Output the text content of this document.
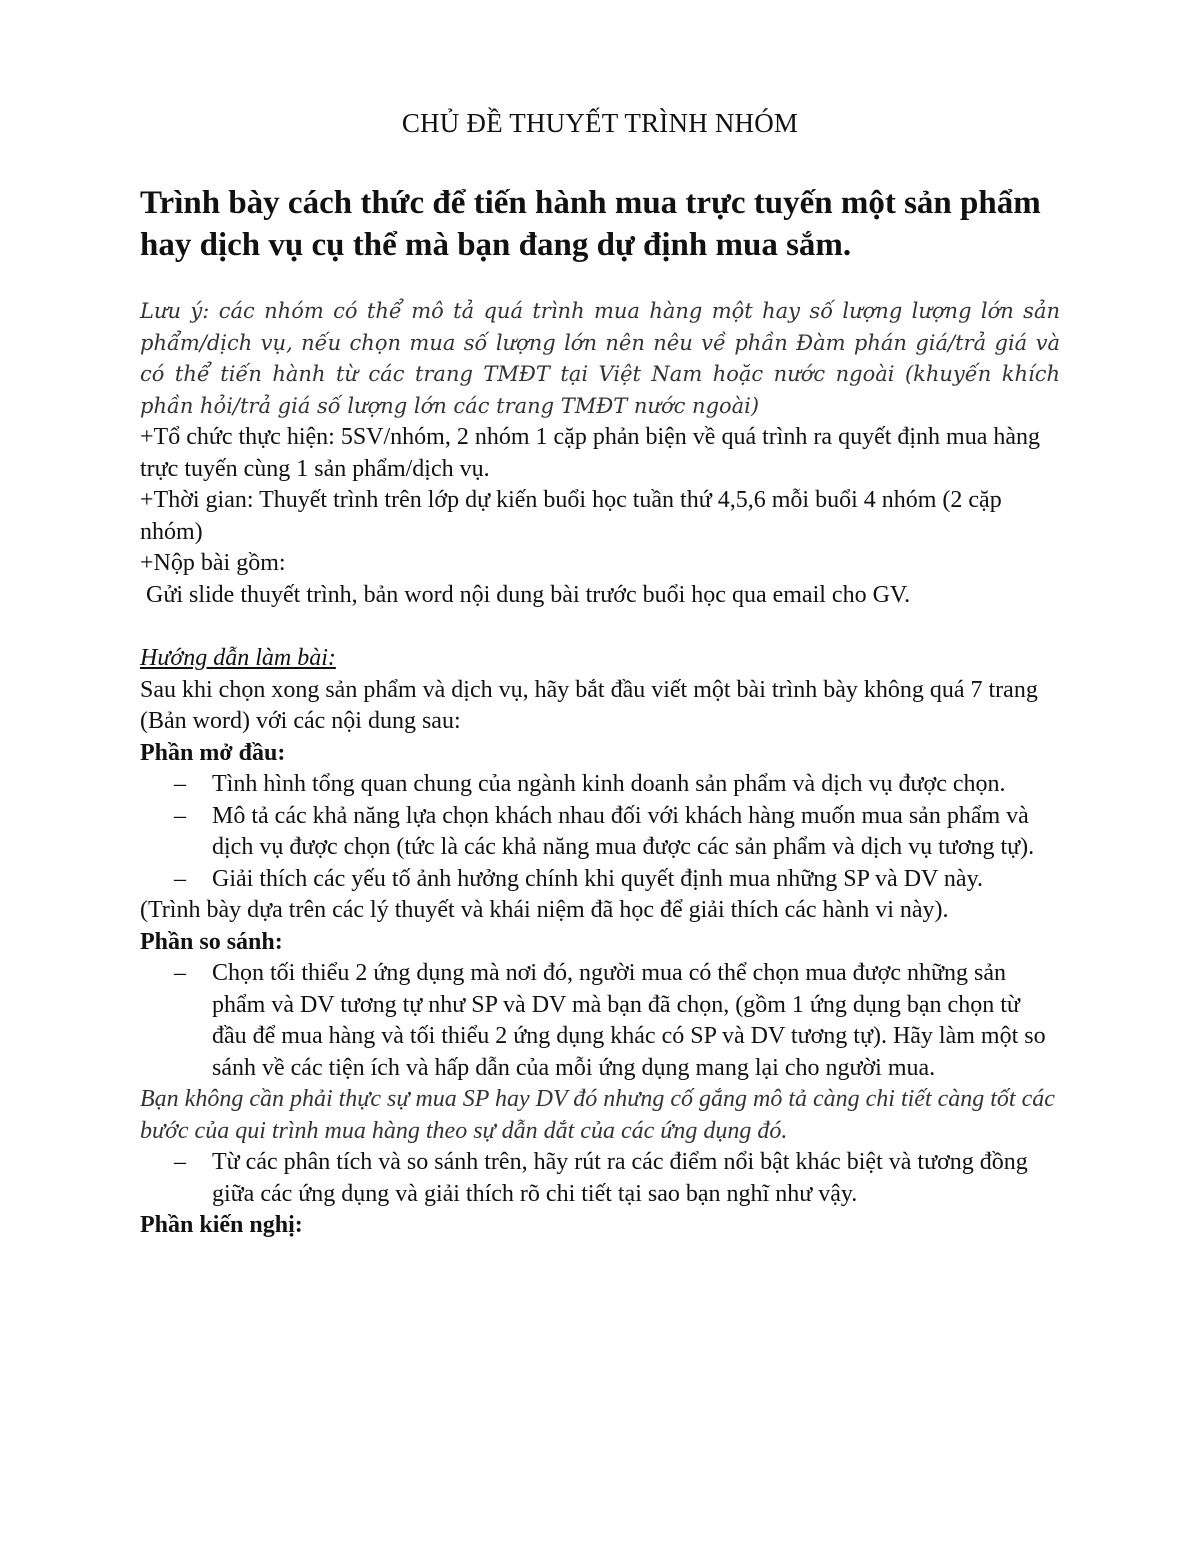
CHỦ ĐỀ THUYẾT TRÌNH NHÓM
Trình bày cách thức để tiến hành mua trực tuyến một sản phẩm hay dịch vụ cụ thể mà bạn đang dự định mua sắm.

Lưu ý: các nhóm có thể mô tả quá trình mua hàng một hay số lượng lượng lớn sản phẩm/dịch vụ, nếu chọn mua số lượng lớn nên nêu về phần Đàm phán giá/trả giá và có thể tiến hành từ các trang TMĐT tại Việt Nam hoặc nước ngoài (khuyến khích phần hỏi/trả giá số lượng lớn các trang TMĐT nước ngoài)

+Tổ chức thực hiện: 5SV/nhóm, 2 nhóm 1 cặp phản biện về quá trình ra quyết định mua hàng trực tuyến cùng 1 sản phẩm/dịch vụ.

+Thời gian: Thuyết trình trên lớp dự kiến buổi học tuần thứ 4,5,6 mỗi buổi 4 nhóm (2 cặp nhóm)

+Nộp bài gồm:

Gửi slide thuyết trình, bản word nội dung bài trước buổi học qua email cho GV.

Hướng dẫn làm bài:

Sau khi chọn xong sản phẩm và dịch vụ, hãy bắt đầu viết một bài trình bày không quá 7 trang (Bản word) với các nội dung sau:

Phần mở đầu:

– Tình hình tổng quan chung của ngành kinh doanh sản phẩm và dịch vụ được chọn.
– Mô tả các khả năng lựa chọn khách nhau đối với khách hàng muốn mua sản phẩm và dịch vụ được chọn (tức là các khả năng mua được các sản phẩm và dịch vụ tương tự).
– Giải thích các yếu tố ảnh hưởng chính khi quyết định mua những SP và DV này.

(Trình bày dựa trên các lý thuyết và khái niệm đã học để giải thích các hành vi này).

Phần so sánh:

– Chọn tối thiểu 2 ứng dụng mà nơi đó, người mua có thể chọn mua được những sản phẩm và DV tương tự như SP và DV mà bạn đã chọn, (gồm 1 ứng dụng bạn chọn từ đầu để mua hàng và tối thiểu 2 ứng dụng khác có SP và DV tương tự). Hãy làm một so sánh về các tiện ích và hấp dẫn của mỗi ứng dụng mang lại cho người mua.

Bạn không cần phải thực sự mua SP hay DV đó nhưng cố gắng mô tả càng chi tiết càng tốt các bước của qui trình mua hàng theo sự dẫn dắt của các ứng dụng đó.

– Từ các phân tích và so sánh trên, hãy rút ra các điểm nổi bật khác biệt và tương đồng giữa các ứng dụng và giải thích rõ chi tiết tại sao bạn nghĩ như vậy.

Phần kiến nghị:
